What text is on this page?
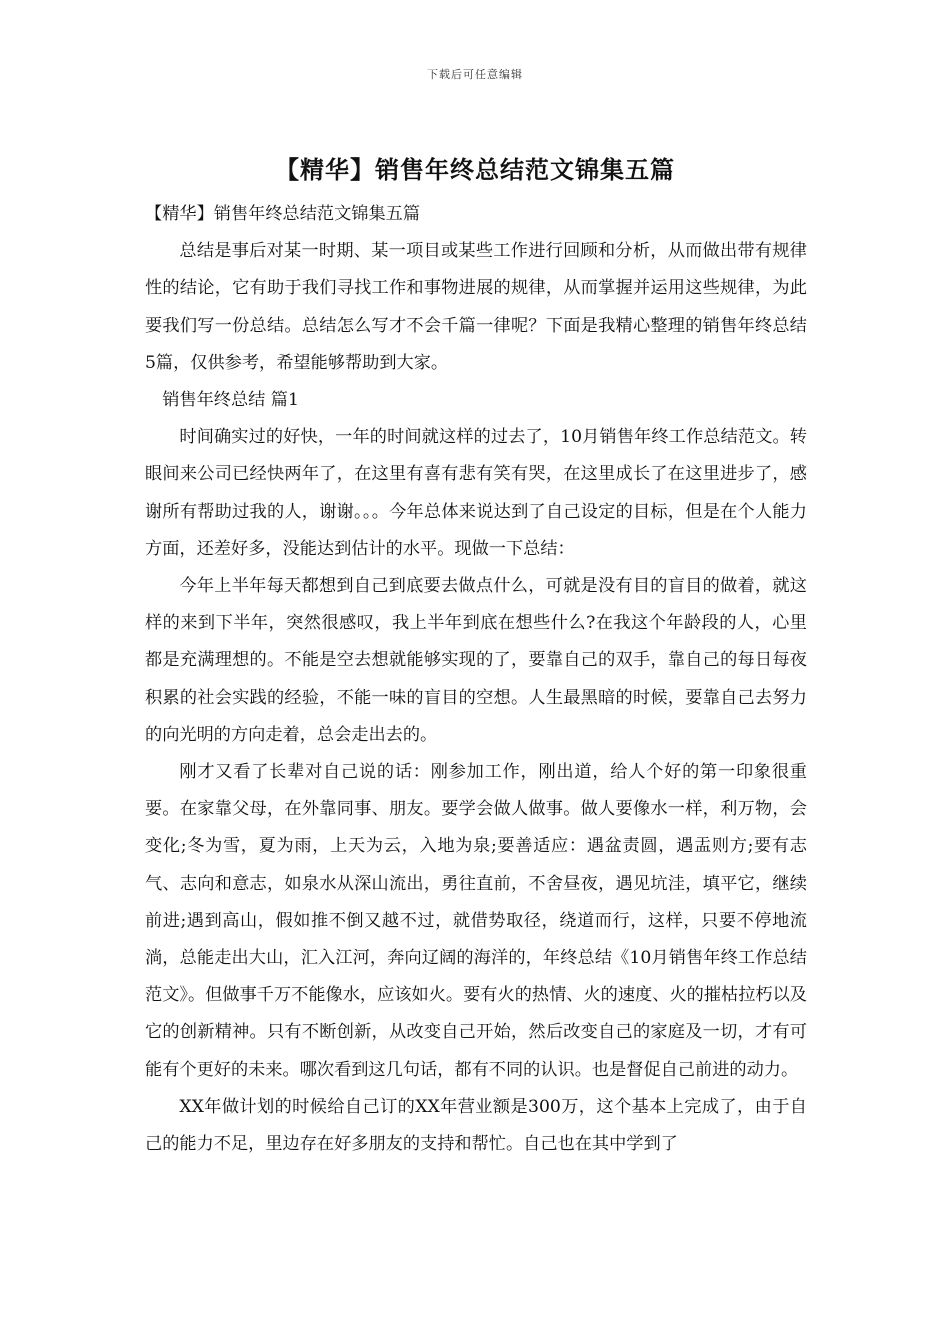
下载后可任意编辑
【精华】销售年终总结范文锦集五篇

【精华】销售年终总结范文锦集五篇

总结是事后对某一时期、某一项目或某些工作进行回顾和分析，从而做出带有规律性的结论，它有助于我们寻找工作和事物进展的规律，从而掌握并运用这些规律，为此要我们写一份总结。总结怎么写才不会千篇一律呢？下面是我精心整理的销售年终总结5篇，仅供参考，希望能够帮助到大家。

销售年终总结 篇1

时间确实过的好快，一年的时间就这样的过去了，10月销售年终工作总结范文。转眼间来公司已经快两年了，在这里有喜有悲有笑有哭，在这里成长了在这里进步了，感谢所有帮助过我的人，谢谢。。。今年总体来说达到了自己设定的目标，但是在个人能力方面，还差好多，没能达到估计的水平。现做一下总结：

今年上半年每天都想到自己到底要去做点什么，可就是没有目的盲目的做着，就这样的来到下半年，突然很感叹，我上半年到底在想些什么?在我这个年龄段的人，心里都是充满理想的。不能是空去想就能够实现的了，要靠自己的双手，靠自己的每日每夜积累的社会实践的经验，不能一味的盲目的空想。人生最黑暗的时候，要靠自己去努力的向光明的方向走着，总会走出去的。

刚才又看了长辈对自己说的话：刚参加工作，刚出道，给人个好的第一印象很重要。在家靠父母，在外靠同事、朋友。要学会做人做事。做人要像水一样，利万物，会变化;冬为雪，夏为雨，上天为云，入地为泉;要善适应：遇盆责圆，遇盂则方;要有志气、志向和意志，如泉水从深山流出，勇往直前，不舍昼夜，遇见坑洼，填平它，继续前进;遇到高山，假如推不倒又越不过，就借势取径，绕道而行，这样，只要不停地流淌，总能走出大山，汇入江河，奔向辽阔的海洋的，年终总结《10月销售年终工作总结范文》。但做事千万不能像水，应该如火。要有火的热情、火的速度、火的摧枯拉朽以及它的创新精神。只有不断创新，从改变自己开始，然后改变自己的家庭及一切，才有可能有个更好的未来。哪次看到这几句话，都有不同的认识。也是督促自己前进的动力。

XX年做计划的时候给自己订的XX年营业额是300万，这个基本上完成了，由于自己的能力不足，里边存在好多朋友的支持和帮忙。自己也在其中学到了
